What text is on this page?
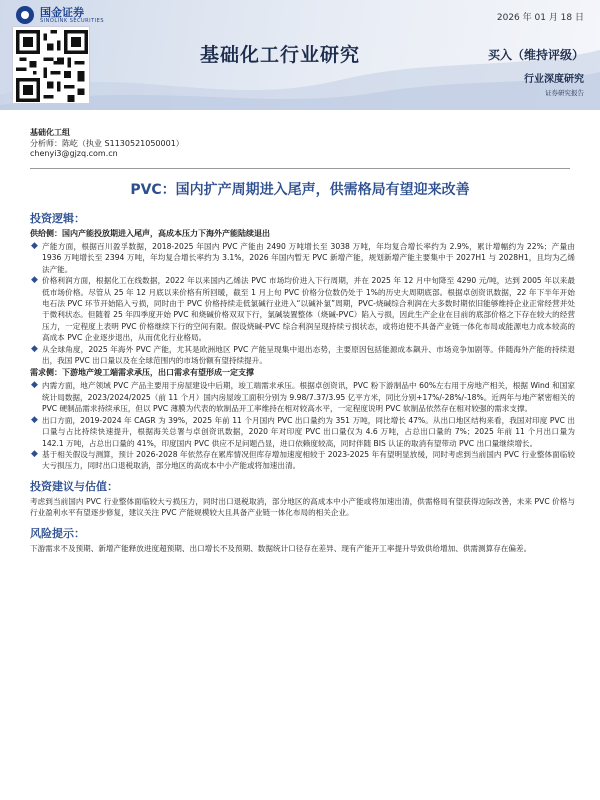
国金证券
SINOLINK SECURITIES	2026 年 01 月 18 日
基础化工行业研究	买入（维持评级）
行业深度研究
证券研究报告
基础化工组
分析师：陈屹（执业 S1130521050001）
chenyi3@gjzq.com.cn
PVC：国内扩产周期进入尾声，供需格局有望迎来改善
投资逻辑：
供给侧：国内产能投放期进入尾声，高成本压力下海外产能陆续退出
◆ 产能方面，根据百川盈孚数据，2018-2025 年国内 PVC 产能由 2490 万吨增长至 3038 万吨，年均复合增长率约为 2.9%，累计增幅约为 22%；产量由 1936 万吨增长至 2394 万吨，年均复合增长率约为 3.1%，2026 年国内暂无 PVC 新增产能，规划新增产能主要集中于 2027H1 与 2028H1，且均为乙烯法产能。
◆ 价格利润方面，根据化工在线数据，2022 年以来国内乙烯法 PVC 市场均价进入下行周期，并在 2025 年 12 月中旬降至 4290 元/吨，达到 2005 年以来最低市场价格。尽管从 25 年 12 月底以来价格有所回暖，截至 1 月上旬 PVC 价格分位数仍处于 1%的历史大周期底部。根据卓创资讯数据，22 年下半年开始电石法 PVC 环节开始陷入亏损，同时由于 PVC 价格持续走低氯碱行业进入“以碱补氯”周期，PVC-烧碱综合利润在大多数时期依旧能够维持企业正常经营并处于微利状态。但随着 25 年四季度开始 PVC 和烧碱价格双双下行，氯碱装置整体（烧碱-PVC）陷入亏损，因此生产企业在目前的底部价格之下存在较大的经营压力，一定程度上表明 PVC 价格继续下行的空间有限。假设烧碱-PVC 综合利润呈现持续亏损状态，或将迫使不具备产业链一体化布局或能源电力成本较高的高成本 PVC 企业逐步退出，从而优化行业格局。
◆ 从全球角度，2025 年海外 PVC 产能，尤其是欧洲地区 PVC 产能呈现集中退出态势，主要原因包括能源成本飙升、市场竞争加剧等。伴随海外产能的持续退出，我国 PVC 出口量以及在全球范围内的市场份额有望持续提升。
需求侧：下游地产竣工端需求承压，出口需求有望形成一定支撑
◆ 内需方面，地产领域 PVC 产品主要用于房屋建设中后期，竣工端需求承压。根据卓创资讯，PVC 粉下游制品中 60%左右用于房地产相关，根据 Wind 和国家统计局数据，2023/2024/2025（前 11 个月）国内房屋竣工面积分别为 9.98/7.37/3.95 亿平方米，同比分别+17%/-28%/-18%。近两年与地产紧密相关的 PVC 硬制品需求持续承压，但以 PVC 薄膜为代表的软制品开工率维持在相对较高水平，一定程度说明 PVC 软制品依然存在相对较强的需求支撑。
◆ 出口方面，2019-2024 年 CAGR 为 39%，2025 年前 11 个月国内 PVC 出口量约为 351 万吨，同比增长 47%。从出口地区结构来看，我国对印度 PVC 出口量与占比持续快速提升，根据海关总署与卓创资讯数据，2020 年对印度 PVC 出口量仅为 4.6 万吨，占总出口量的 7%；2025 年前 11 个月出口量为 142.1 万吨，占总出口量的 41%，印度国内 PVC 供应不足问题凸显，进口依赖度较高，同时伴随 BIS 认证的取消有望带动 PVC 出口量继续增长。
◆ 基于相关假设与测算，预计 2026-2028 年依然存在累库情况但库存增加速度相较于 2023-2025 年有望明显放缓，同时考虑到当前国内 PVC 行业整体面临较大亏损压力，同时出口退税取消，部分地区的高成本中小产能或将加速出清。
投资建议与估值：
考虑到当前国内 PVC 行业整体面临较大亏损压力，同时出口退税取消，部分地区的高成本中小产能或将加速出清，供需格局有望获得边际改善，未来 PVC 价格与行业盈利水平有望逐步修复，建议关注 PVC 产能规模较大且具备产业链一体化布局的相关企业。
风险提示：
下游需求不及预期、新增产能释放进度超预期、出口增长不及预期、数据统计口径存在差异、现有产能开工率提升导致供给增加、供需测算存在偏差。
